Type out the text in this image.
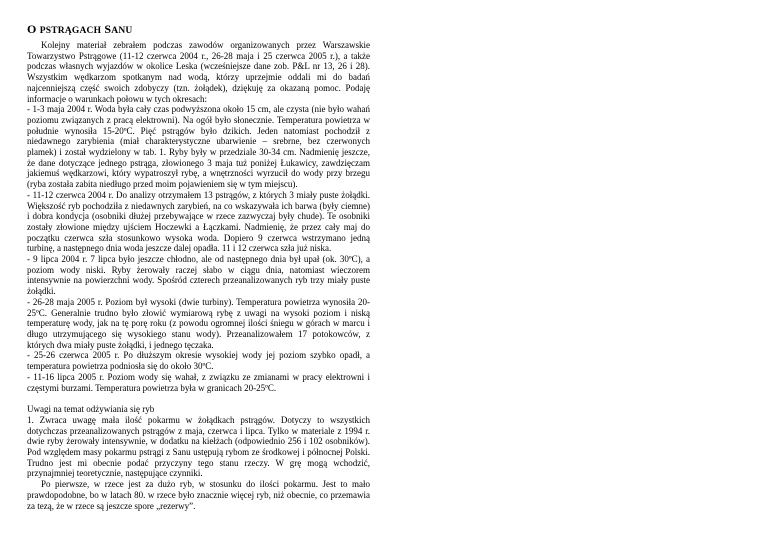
O PSTRĄGACH SANU

Kolejny materiał zebrałem podczas zawodów organizowanych przez Warszawskie Towarzystwo Pstrągowe (11-12 czerwca 2004 r., 26-28 maja i 25 czerwca 2005 r.), a także podczas własnych wyjazdów w okolice Leska (wcześniejsze dane zob. P&L nr 13, 26 i 28). Wszystkim wędkarzom spotkanym nad wodą, którzy uprzejmie oddali mi do badań najcenniejszą część swoich zdobyczy (tzn. żołądek), dziękuję za okazaną pomoc. Podaję informacje o warunkach połowu w tych okresach:

- 1-3 maja 2004 r. Woda była cały czas podwyższona około 15 cm, ale czysta (nie było wahań poziomu związanych z pracą elektrowni). Na ogół było słonecznie. Temperatura powietrza w południe wynosiła 15-20ºC. Pięć pstrągów było dzikich. Jeden natomiast pochodził z niedawnego zarybienia (miał charakterystyczne ubarwienie – srebrne, bez czerwonych plamek) i został wydzielony w tab. 1. Ryby były w przedziale 30-34 cm. Nadmienię jeszcze, że dane dotyczące jednego pstrąga, złowionego 3 maja tuż poniżej Łukawicy, zawdzięczam jakiemuś wędkarzowi, który wypatroszył rybę, a wnętrzności wyrzucił do wody przy brzegu (ryba została zabita niedługo przed moim pojawieniem się w tym miejscu).

- 11-12 czerwca 2004 r. Do analizy otrzymałem 13 pstrągów, z których 3 miały puste żołądki. Większość ryb pochodziła z niedawnych zarybień, na co wskazywała ich barwa (były ciemne) i dobra kondycja (osobniki dłużej przebywające w rzece zazwyczaj były chude). Te osobniki zostały złowione między ujściem Hoczewki a Łączkami. Nadmienię, że przez cały maj do początku czerwca szła stosunkowo wysoka woda. Dopiero 9 czerwca wstrzymano jedną turbinę, a następnego dnia woda jeszcze dalej opadła. 11 i 12 czerwca szła już niska.

- 9 lipca 2004 r. 7 lipca było jeszcze chłodno, ale od następnego dnia był upał (ok. 30ºC), a poziom wody niski. Ryby żerowały raczej słabo w ciągu dnia, natomiast wieczorem intensywnie na powierzchni wody. Spośród czterech przeanalizowanych ryb trzy miały puste żołądki.

- 26-28 maja 2005 r. Poziom był wysoki (dwie turbiny). Temperatura powietrza wynosiła 20-25ºC. Generalnie trudno było złowić wymiarową rybę z uwagi na wysoki poziom i niską temperaturę wody, jak na tę porę roku (z powodu ogromnej ilości śniegu w górach w marcu i długo utrzymującego się wysokiego stanu wody). Przeanalizowałem 17 potokowców, z których dwa miały puste żołądki, i jednego tęczaka.

- 25-26 czerwca 2005 r. Po dłuższym okresie wysokiej wody jej poziom szybko opadł, a temperatura powietrza podniosła się do około 30ºC.

- 11-16 lipca 2005 r. Poziom wody się wahał, z związku ze zmianami w pracy elektrowni i częstymi burzami. Temperatura powietrza była w granicach 20-25ºC.

Uwagi na temat odżywiania się ryb

1. Zwraca uwagę mała ilość pokarmu w żołądkach pstrągów. Dotyczy to wszystkich dotychczas przeanalizowanych pstrągów z maja, czerwca i lipca. Tylko w materiale z 1994 r. dwie ryby żerowały intensywnie, w dodatku na kiełżach (odpowiednio 256 i 102 osobników). Pod względem masy pokarmu pstrągi z Sanu ustępują rybom ze środkowej i północnej Polski. Trudno jest mi obecnie podać przyczyny tego stanu rzeczy. W grę mogą wchodzić, przynajmniej teoretycznie, następujące czynniki.

Po pierwsze, w rzece jest za dużo ryb, w stosunku do ilości pokarmu. Jest to mało prawdopodobne, bo w latach 80. w rzece było znacznie więcej ryb, niż obecnie, co przemawia za tezą, że w rzece są jeszcze spore „rezerwy”.
